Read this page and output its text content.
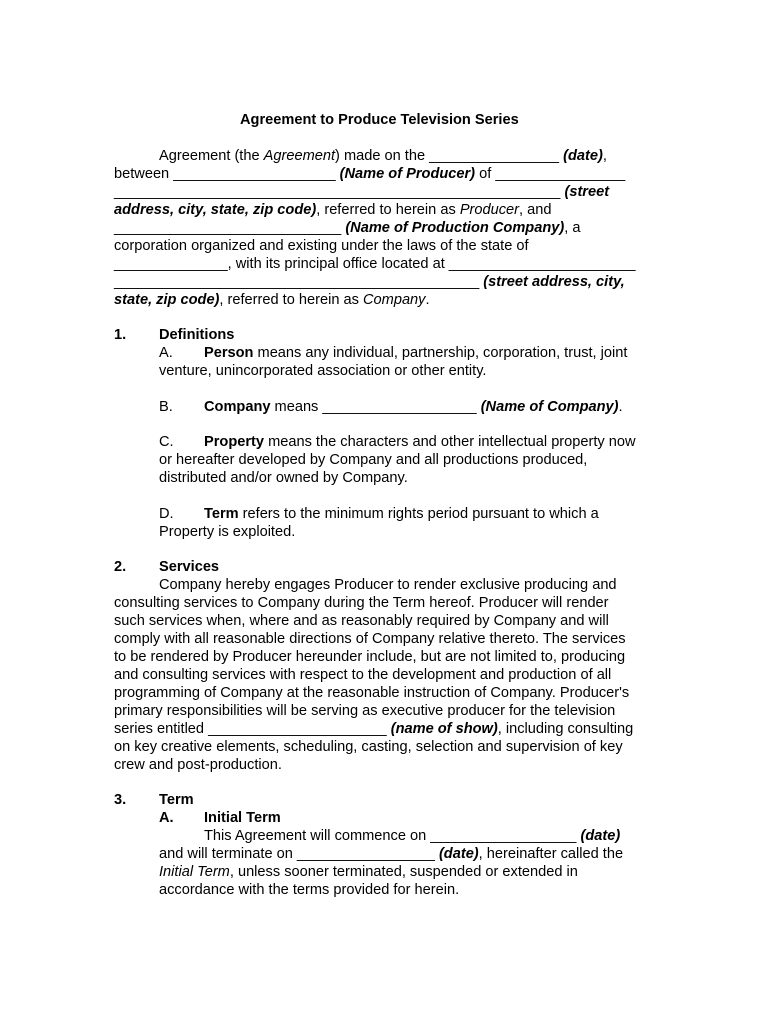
Agreement to Produce Television Series
Agreement (the Agreement) made on the ________________ (date),
between ____________________ (Name of Producer) of ________________
_______________________________________________________ (street
address, city, state, zip code), referred to herein as Producer, and
____________________________ (Name of Production Company), a
corporation organized and existing under the laws of the state of
______________, with its principal office located at _______________________
_____________________________________________ (street address, city,
state, zip code), referred to herein as Company.
1. Definitions
A. Person means any individual, partnership, corporation, trust, joint
venture, unincorporated association or other entity.
B. Company means ___________________ (Name of Company).
C. Property means the characters and other intellectual property now
or hereafter developed by Company and all productions produced,
distributed and/or owned by Company.
D. Term refers to the minimum rights period pursuant to which a
Property is exploited.
2. Services
Company hereby engages Producer to render exclusive producing and
consulting services to Company during the Term hereof. Producer will render
such services when, where and as reasonably required by Company and will
comply with all reasonable directions of Company relative thereto. The services
to be rendered by Producer hereunder include, but are not limited to, producing
and consulting services with respect to the development and production of all
programming of Company at the reasonable instruction of Company. Producer's
primary responsibilities will be serving as executive producer for the television
series entitled ______________________ (name of show), including consulting
on key creative elements, scheduling, casting, selection and supervision of key
crew and post-production.
3. Term
A. Initial Term
This Agreement will commence on __________________ (date)
and will terminate on _________________ (date), hereinafter called the
Initial Term, unless sooner terminated, suspended or extended in
accordance with the terms provided for herein.
